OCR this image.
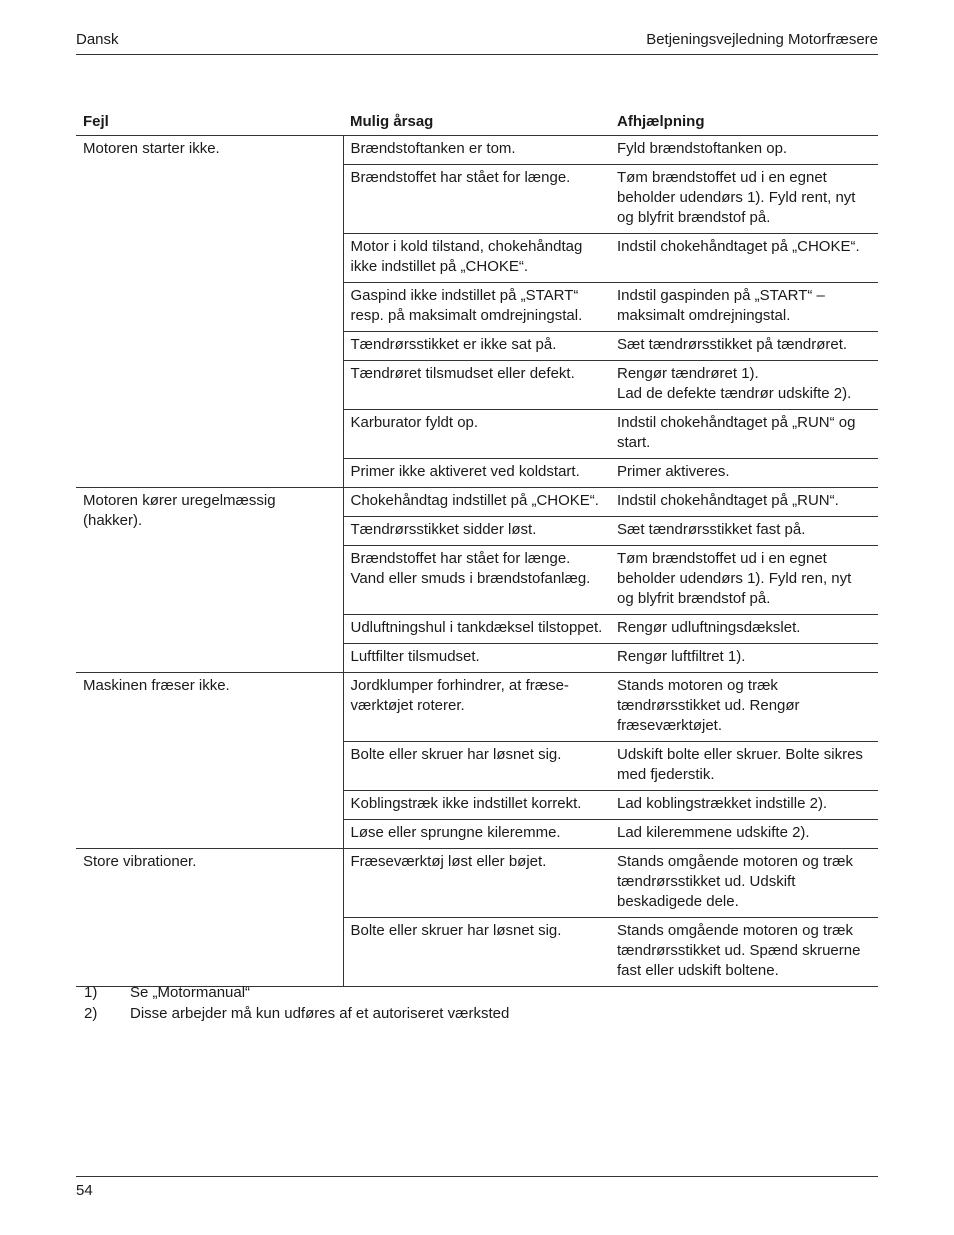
Dansk	Betjeningsvejledning Motorfræsere
Fejl	Mulig årsag	Afhjælpning
Motoren starter ikke.	Brændstoftanken er tom.	Fyld brændstoftanken op.
	Brændstoffet har stået for længe.	Tøm brændstoffet ud i en egnet beholder udendørs 1). Fyld rent, nyt og blyfrit brændstof på.
	Motor i kold tilstand, chokehåndtag ikke indstillet på „CHOKE“.	Indstil chokehåndtaget på „CHOKE“.
	Gaspind ikke indstillet på „START“ resp. på maksimalt omdrejningstal.	Indstil gaspinden på „START“ – maksimalt omdrejningstal.
	Tændrørsstikket er ikke sat på.	Sæt tændrørsstikket på tændrøret.
	Tændrøret tilsmudset eller defekt.	Rengør tændrøret 1).
Lad de defekte tændrør udskifte 2).
	Karburator fyldt op.	Indstil chokehåndtaget på „RUN“ og start.
	Primer ikke aktiveret ved koldstart.	Primer aktiveres.
Motoren kører uregelmæssig (hakker).	Chokehåndtag indstillet på „CHOKE“.	Indstil chokehåndtaget på „RUN“.
	Tændrørsstikket sidder løst.	Sæt tændrørsstikket fast på.
	Brændstoffet har stået for længe. Vand eller smuds i brændstofanlæg.	Tøm brændstoffet ud i en egnet beholder udendørs 1). Fyld ren, nyt og blyfrit brændstof på.
	Udluftningshul i tankdæksel tilstoppet.	Rengør udluftningsdækslet.
	Luftfilter tilsmudset.	Rengør luftfiltret 1).
Maskinen fræser ikke.	Jordklumper forhindrer, at fræse-værktøjet roterer.	Stands motoren og træk tændrørsstikket ud. Rengør fræseværktøjet.
	Bolte eller skruer har løsnet sig.	Udskift bolte eller skruer. Bolte sikres med fjederstik.
	Koblingstræk ikke indstillet korrekt.	Lad koblingstrækket indstille 2).
	Løse eller sprungne kileremme.	Lad kileremmene udskifte 2).
Store vibrationer.	Fræseværktøj løst eller bøjet.	Stands omgående motoren og træk tændrørsstikket ud. Udskift beskadigede dele.
	Bolte eller skruer har løsnet sig.	Stands omgående motoren og træk tændrørsstikket ud. Spænd skruerne fast eller udskift boltene.
1) Se „Motormanual“
2) Disse arbejder må kun udføres af et autoriseret værksted
54
